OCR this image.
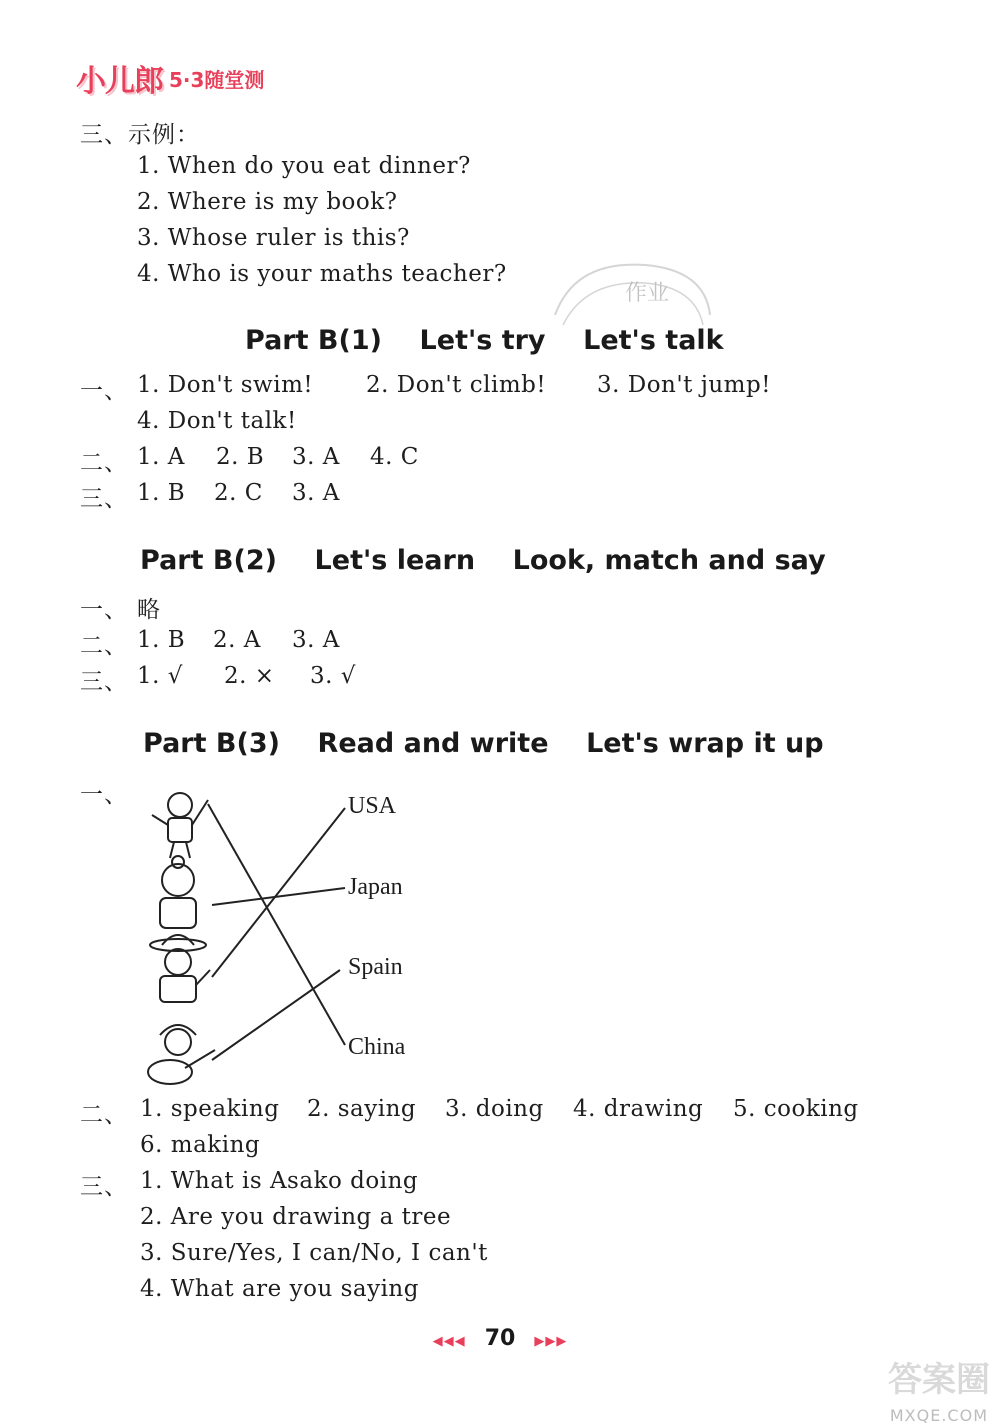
小儿郎 5·3随堂测
三、示例：
1. When do you eat dinner?
2. Where is my book?
3. Whose ruler is this?
4. Who is your maths teacher?
作业
Part B(1)    Let's try    Let's talk
一、 1. Don't swim! 2. Don't climb! 3. Don't jump!
4. Don't talk!
二、 1. A 2. B 3. A 4. C
三、 1. B 2. C 3. A
Part B(2)    Let's learn    Look, match and say
一、 略
二、 1. B 2. A 3. A
三、 1. √ 2. × 3. √
Part B(3)    Read and write    Let's wrap it up
一、	USA
Japan
Spain
China
二、 1. speaking 2. saying 3. doing 4. drawing 5. cooking
6. making
三、 1. What is Asako doing
2. Are you drawing a tree
3. Sure/Yes, I can/No, I can't
4. What are you saying
◀◀◀ 70 ▶▶▶
答案圈
MXQE.COM
